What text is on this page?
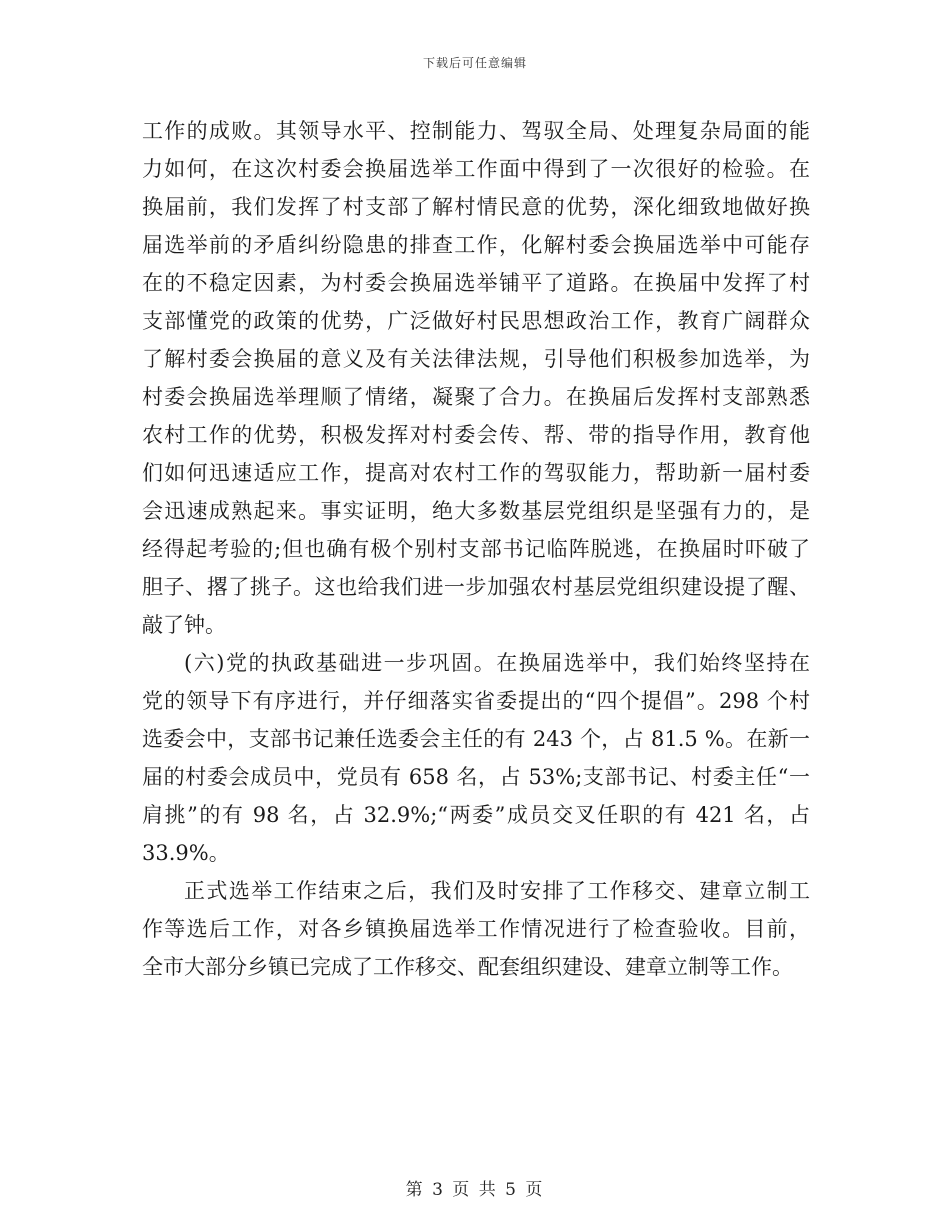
下载后可任意编辑
工作的成败。其领导水平、控制能力、驾驭全局、处理复杂局面的能
力如何，在这次村委会换届选举工作面中得到了一次很好的检验。在
换届前，我们发挥了村支部了解村情民意的优势，深化细致地做好换
届选举前的矛盾纠纷隐患的排查工作，化解村委会换届选举中可能存
在的不稳定因素，为村委会换届选举铺平了道路。在换届中发挥了村
支部懂党的政策的优势，广泛做好村民思想政治工作，教育广阔群众
了解村委会换届的意义及有关法律法规，引导他们积极参加选举，为
村委会换届选举理顺了情绪，凝聚了合力。在换届后发挥村支部熟悉
农村工作的优势，积极发挥对村委会传、帮、带的指导作用，教育他
们如何迅速适应工作，提高对农村工作的驾驭能力，帮助新一届村委
会迅速成熟起来。事实证明，绝大多数基层党组织是坚强有力的，是
经得起考验的;但也确有极个别村支部书记临阵脱逃，在换届时吓破了
胆子、撂了挑子。这也给我们进一步加强农村基层党组织建设提了醒、
敲了钟。
(六)党的执政基础进一步巩固。在换届选举中，我们始终坚持在
党的领导下有序进行，并仔细落实省委提出的“四个提倡”。298 个村
选委会中，支部书记兼任选委会主任的有 243 个，占 81.5 %。在新一
届的村委会成员中，党员有 658 名，占 53%;支部书记、村委主任“一
肩挑”的有 98 名，占 32.9%;“两委”成员交叉任职的有 421 名，占
33.9%。
正式选举工作结束之后，我们及时安排了工作移交、建章立制工
作等选后工作，对各乡镇换届选举工作情况进行了检查验收。目前，
全市大部分乡镇已完成了工作移交、配套组织建设、建章立制等工作。
第 3 页 共 5 页
